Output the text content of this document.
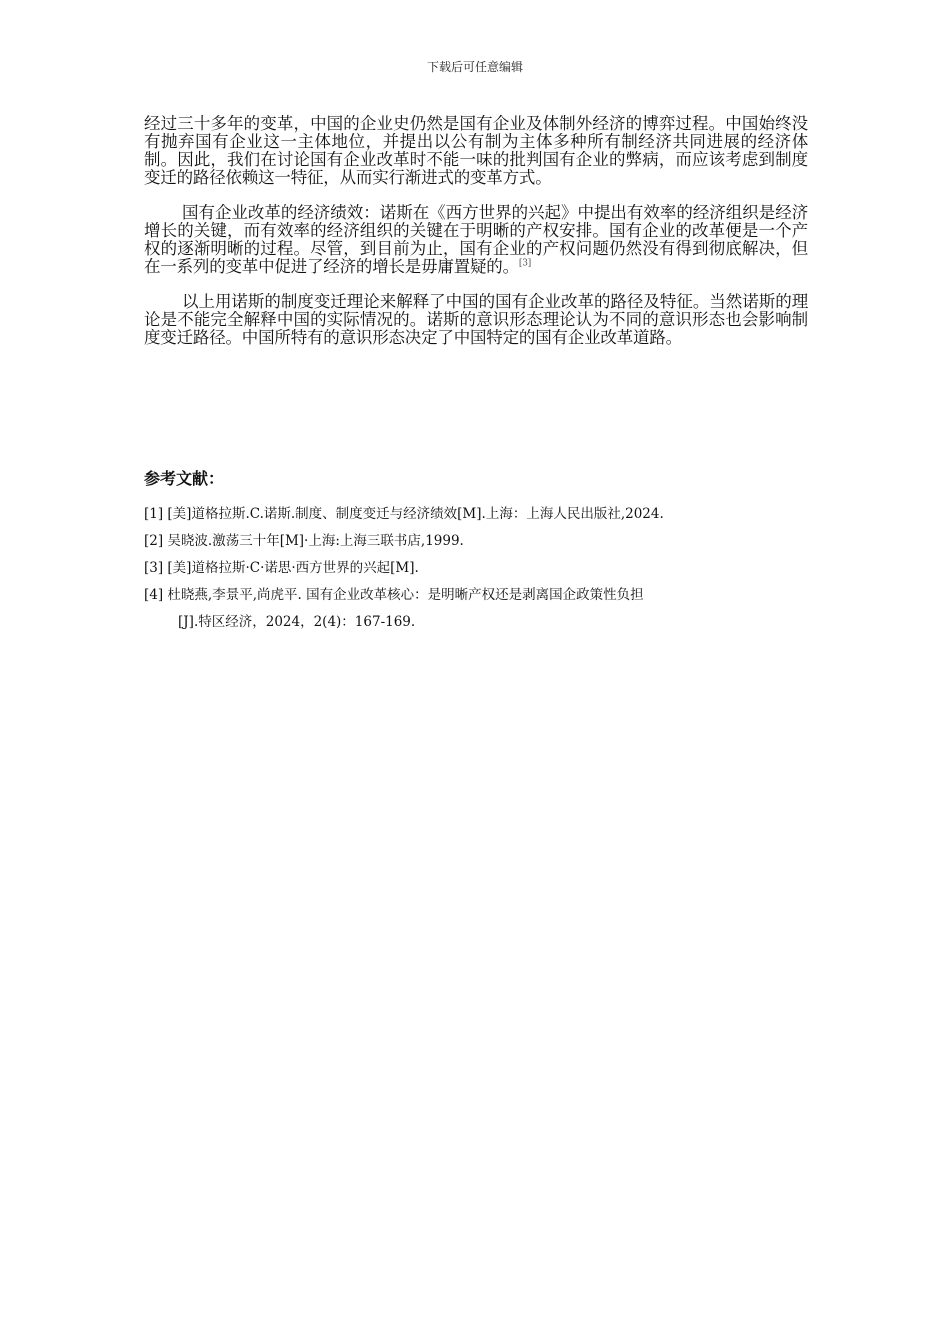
下载后可任意编辑

经过三十多年的变革，中国的企业史仍然是国有企业及体制外经济的博弈过程。中国始终没有抛弃国有企业这一主体地位，并提出以公有制为主体多种所有制经济共同进展的经济体制。因此，我们在讨论国有企业改革时不能一味的批判国有企业的弊病，而应该考虑到制度变迁的路径依赖这一特征，从而实行渐进式的变革方式。

国有企业改革的经济绩效：诺斯在《西方世界的兴起》中提出有效率的经济组织是经济增长的关键，而有效率的经济组织的关键在于明晰的产权安排。国有企业的改革便是一个产权的逐渐明晰的过程。尽管，到目前为止，国有企业的产权问题仍然没有得到彻底解决，但在一系列的变革中促进了经济的增长是毋庸置疑的。[3]

以上用诺斯的制度变迁理论来解释了中国的国有企业改革的路径及特征。当然诺斯的理论是不能完全解释中国的实际情况的。诺斯的意识形态理论认为不同的意识形态也会影响制度变迁路径。中国所特有的意识形态决定了中国特定的国有企业改革道路。

参考文献：
[1] [美]道格拉斯.C.诺斯.制度、制度变迁与经济绩效[M].上海：上海人民出版社,2024.
[2] 吴晓波.激荡三十年[M]·上海:上海三联书店,1999.
[3] [美]道格拉斯·C·诺思·西方世界的兴起[M].
[4] 杜晓燕,李景平,尚虎平. 国有企业改革核心：是明晰产权还是剥离国企政策性负担
[J].特区经济，2024，2(4)：167-169.
